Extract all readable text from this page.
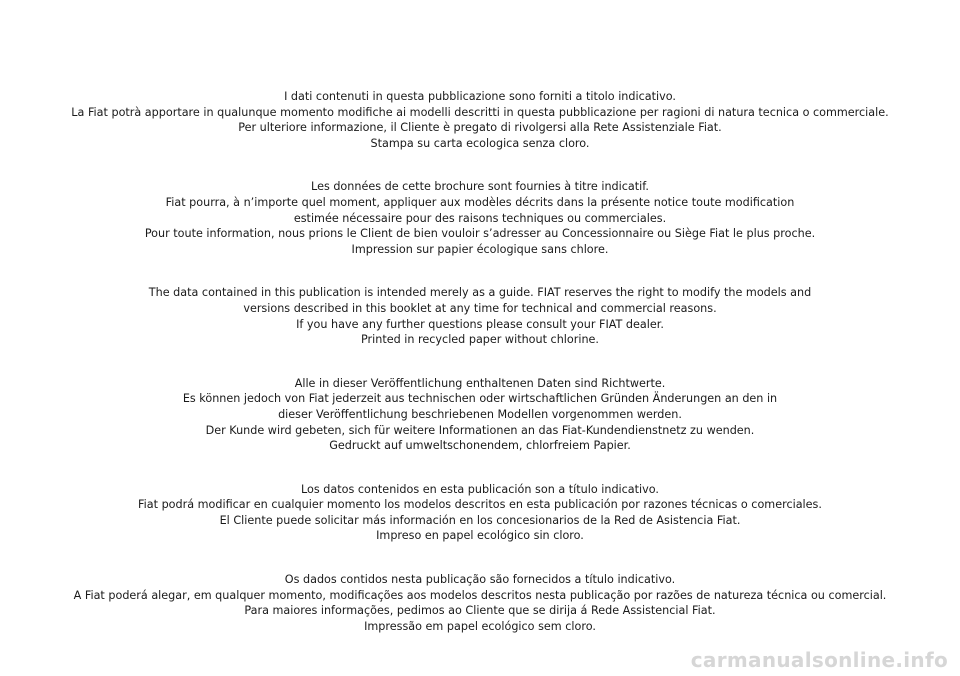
I dati contenuti in questa pubblicazione sono forniti a titolo indicativo.
La Fiat potrà apportare in qualunque momento modifiche ai modelli descritti in questa pubblicazione per ragioni di natura tecnica o commerciale.
Per ulteriore informazione, il Cliente è pregato di rivolgersi alla Rete Assistenziale Fiat.
Stampa su carta ecologica senza cloro.
Les données de cette brochure sont fournies à titre indicatif.
Fiat pourra, à n’importe quel moment, appliquer aux modèles décrits dans la présente notice toute modification
estimée nécessaire pour des raisons techniques ou commerciales.
Pour toute information, nous prions le Client de bien vouloir s’adresser au Concessionnaire ou Siège Fiat le plus proche.
Impression sur papier écologique sans chlore.
The data contained in this publication is intended merely as a guide. FIAT reserves the right to modify the models and
versions described in this booklet at any time for technical and commercial reasons.
If you have any further questions please consult your FIAT dealer.
Printed in recycled paper without chlorine.
Alle in dieser Veröffentlichung enthaltenen Daten sind Richtwerte.
Es können jedoch von Fiat jederzeit aus technischen oder wirtschaftlichen Gründen Änderungen an den in
dieser Veröffentlichung beschriebenen Modellen vorgenommen werden.
Der Kunde wird gebeten, sich für weitere Informationen an das Fiat-Kundendienstnetz zu wenden.
Gedruckt auf umweltschonendem, chlorfreiem Papier.
Los datos contenidos en esta publicación son a título indicativo.
Fiat podrá modificar en cualquier momento los modelos descritos en esta publicación por razones técnicas o comerciales.
El Cliente puede solicitar más información en los concesionarios de la Red de Asistencia Fiat.
Impreso en papel ecológico sin cloro.
Os dados contidos nesta publicação são fornecidos a título indicativo.
A Fiat poderá alegar, em qualquer momento, modificações aos modelos descritos nesta publicação por razões de natureza técnica ou comercial.
Para maiores informações, pedimos ao Cliente que se dirija á Rede Assistencial Fiat.
Impressão em papel ecológico sem cloro.
carmanualsonline.info
